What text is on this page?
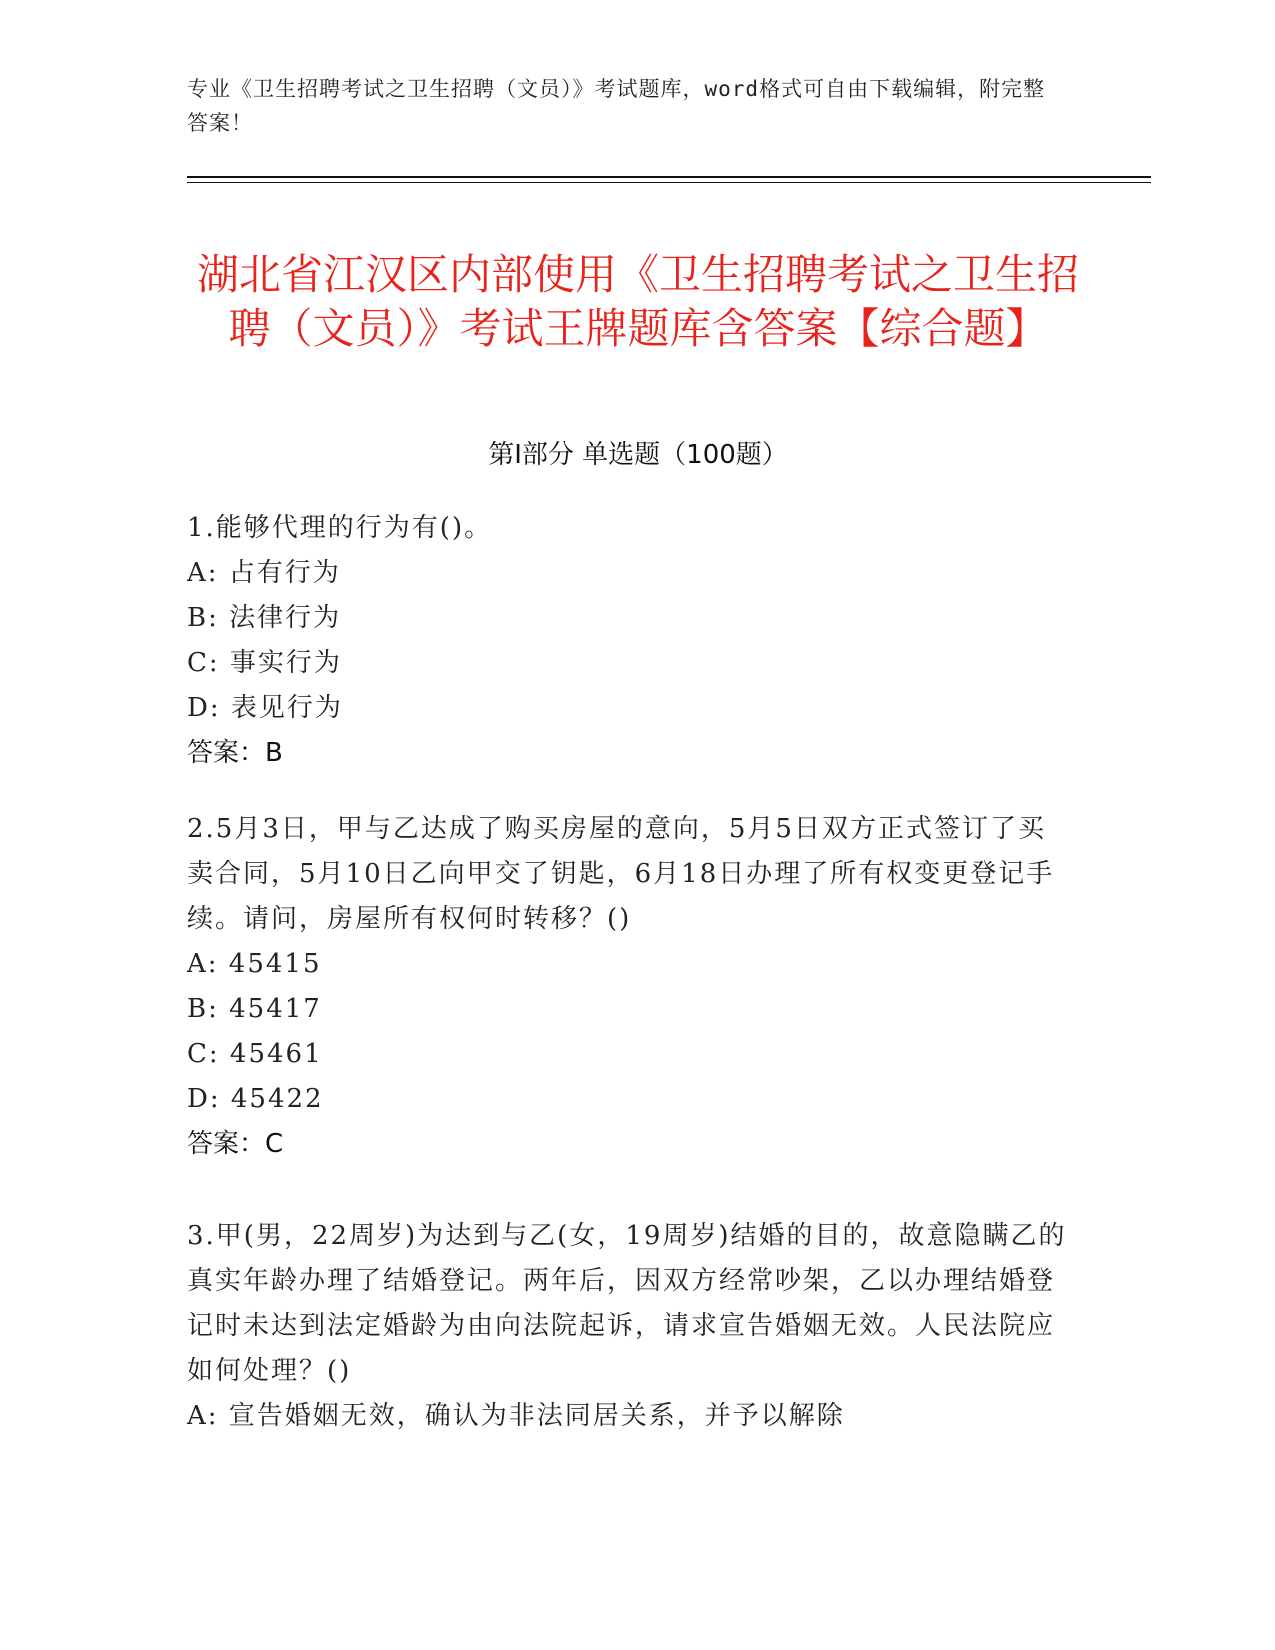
专业《卫生招聘考试之卫生招聘（文员）》考试题库，word格式可自由下载编辑，附完整答案！
湖北省江汉区内部使用《卫生招聘考试之卫生招聘（文员）》考试王牌题库含答案【综合题】
第I部分 单选题（100题）

1.能够代理的行为有()。

A: 占有行为

B: 法律行为

C: 事实行为

D: 表见行为

答案：B

2.5月3日，甲与乙达成了购买房屋的意向，5月5日双方正式签订了买卖合同，5月10日乙向甲交了钥匙，6月18日办理了所有权变更登记手续。请问，房屋所有权何时转移？()

A: 45415

B: 45417

C: 45461

D: 45422

答案：C

3.甲(男，22周岁)为达到与乙(女，19周岁)结婚的目的，故意隐瞒乙的真实年龄办理了结婚登记。两年后，因双方经常吵架，乙以办理结婚登记时未达到法定婚龄为由向法院起诉，请求宣告婚姻无效。人民法院应如何处理？()

A: 宣告婚姻无效，确认为非法同居关系，并予以解除
